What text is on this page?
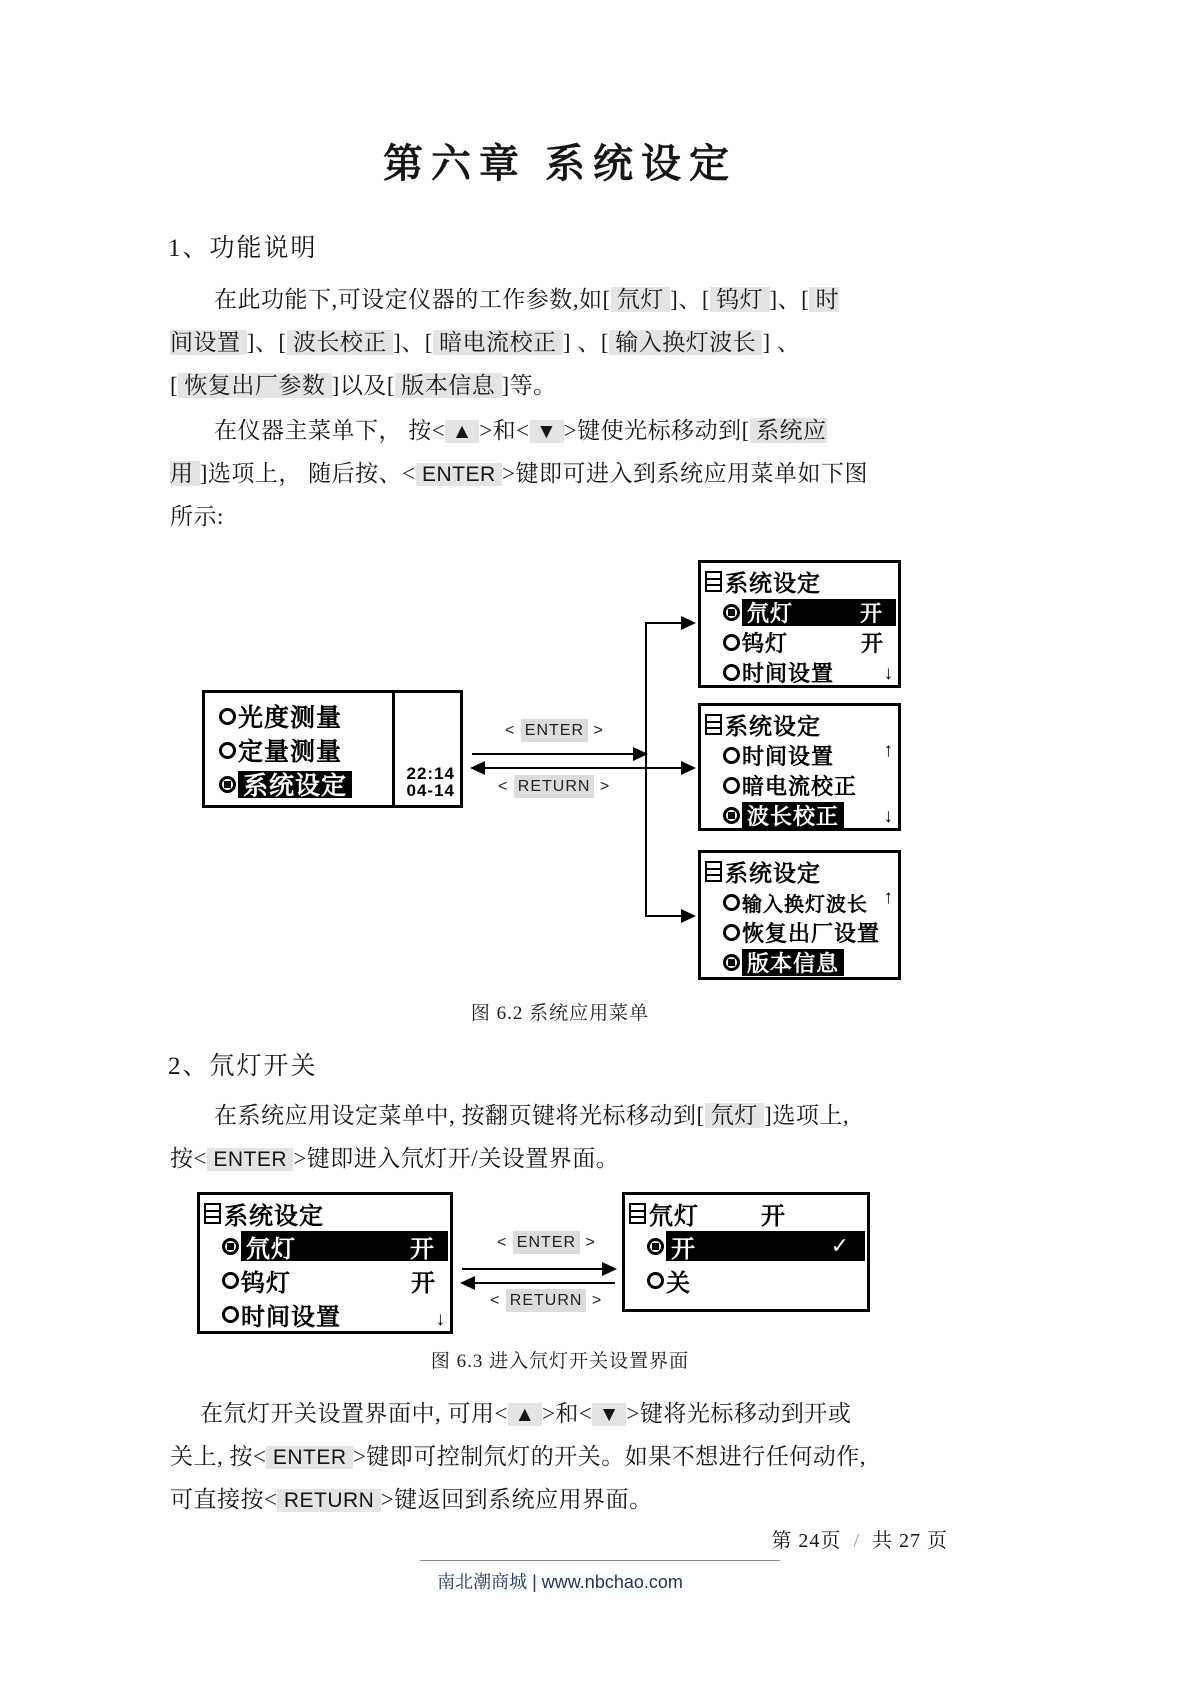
第六章 系统设定
1、功能说明
在此功能下,可设定仪器的工作参数,如[ 氘灯 ]、[ 钨灯 ]、[ 时
间设置 ]、[ 波长校正 ]、[ 暗电流校正 ] 、[ 输入换灯波长 ] 、
[ 恢复出厂参数 ]以及[ 版本信息 ]等。
在仪器主菜单下， 按< ▲ >和< ▼ >键使光标移动到[ 系统应
用 ]选项上， 随后按、< ENTER >键即可进入到系统应用菜单如下图
所示:
光度测量
定量测量
系统设定	22:14
04-14
< ENTER >
< RETURN >
系统设定
氘灯	开
钨灯	开
时间设置	↓
系统设定
时间设置
暗电流校正
波长校正
↑
↓
系统设定
输入换灯波长
恢复出厂设置
版本信息
↑
图 6.2 系统应用菜单
2、氘灯开关
在系统应用设定菜单中, 按翻页键将光标移动到[ 氘灯 ]选项上,
按< ENTER >键即进入氘灯开/关设置界面。
系统设定
氘灯	开
钨灯	开
时间设置	↓
< ENTER >
< RETURN >
氘灯	开
开	✓
关
图 6.3 进入氘灯开关设置界面
在氘灯开关设置界面中, 可用< ▲ >和< ▼ >键将光标移动到开或
关上, 按< ENTER >键即可控制氘灯的开关。如果不想进行任何动作,
可直接按< RETURN >键返回到系统应用界面。
第 24页 / 共 27 页
南北潮商城 | www.nbchao.com
